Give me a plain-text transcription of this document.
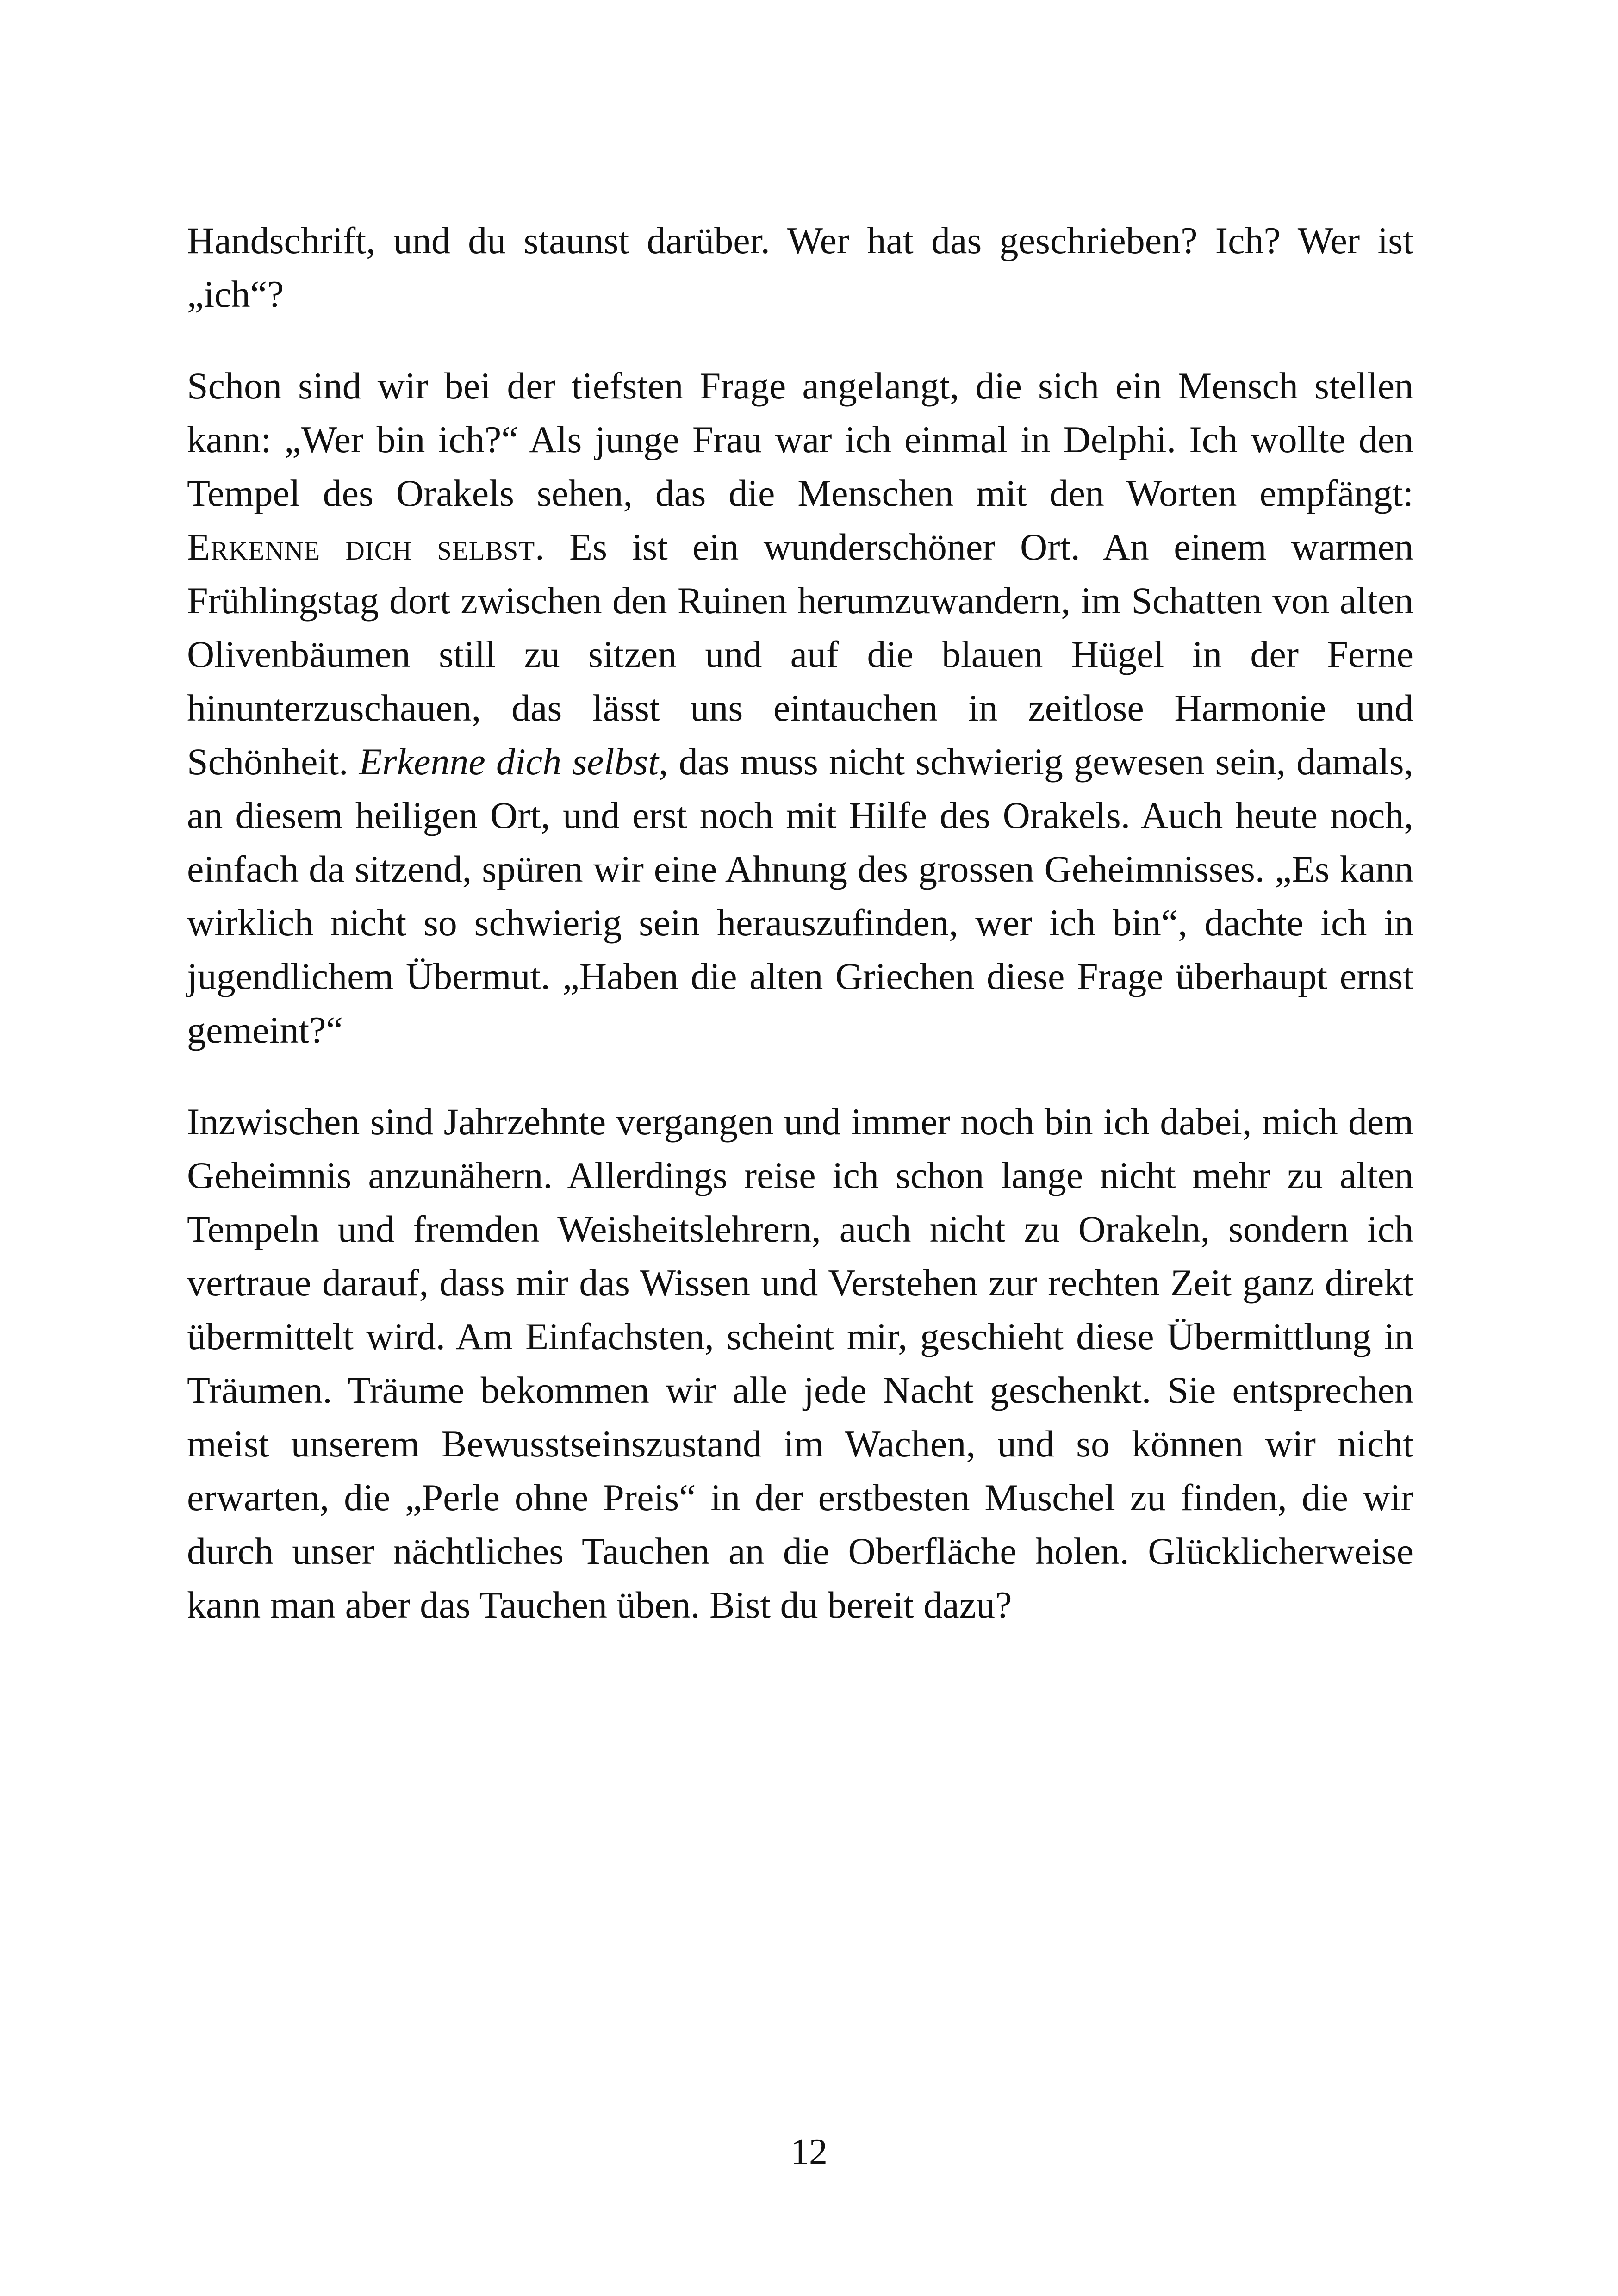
Handschrift, und du staunst darüber. Wer hat das geschrieben? Ich? Wer ist „ich“?

Schon sind wir bei der tiefsten Frage angelangt, die sich ein Mensch stellen kann: „Wer bin ich?“ Als junge Frau war ich einmal in Delphi. Ich wollte den Tempel des Orakels sehen, das die Menschen mit den Worten empfängt: Erkenne dich selbst. Es ist ein wunderschöner Ort. An einem warmen Frühlingstag dort zwischen den Ruinen herumzuwandern, im Schatten von alten Olivenbäumen still zu sitzen und auf die blauen Hügel in der Ferne hinunterzuschauen, das lässt uns eintauchen in zeitlose Harmonie und Schönheit. Erkenne dich selbst, das muss nicht schwierig gewesen sein, damals, an diesem heiligen Ort, und erst noch mit Hilfe des Orakels. Auch heute noch, einfach da sitzend, spüren wir eine Ahnung des grossen Geheimnisses. „Es kann wirklich nicht so schwierig sein herauszufinden, wer ich bin“, dachte ich in jugendlichem Übermut. „Haben die alten Griechen diese Frage überhaupt ernst gemeint?“

Inzwischen sind Jahrzehnte vergangen und immer noch bin ich dabei, mich dem Geheimnis anzunähern. Allerdings reise ich schon lange nicht mehr zu alten Tempeln und fremden Weisheitslehrern, auch nicht zu Orakeln, sondern ich vertraue darauf, dass mir das Wissen und Verstehen zur rechten Zeit ganz direkt übermittelt wird. Am Einfachsten, scheint mir, geschieht diese Übermittlung in Träumen. Träume bekommen wir alle jede Nacht geschenkt. Sie entsprechen meist unserem Bewusstseinszustand im Wachen, und so können wir nicht erwarten, die „Perle ohne Preis“ in der erstbesten Muschel zu finden, die wir durch unser nächtliches Tauchen an die Oberfläche holen. Glücklicherweise kann man aber das Tauchen üben. Bist du bereit dazu?

12
